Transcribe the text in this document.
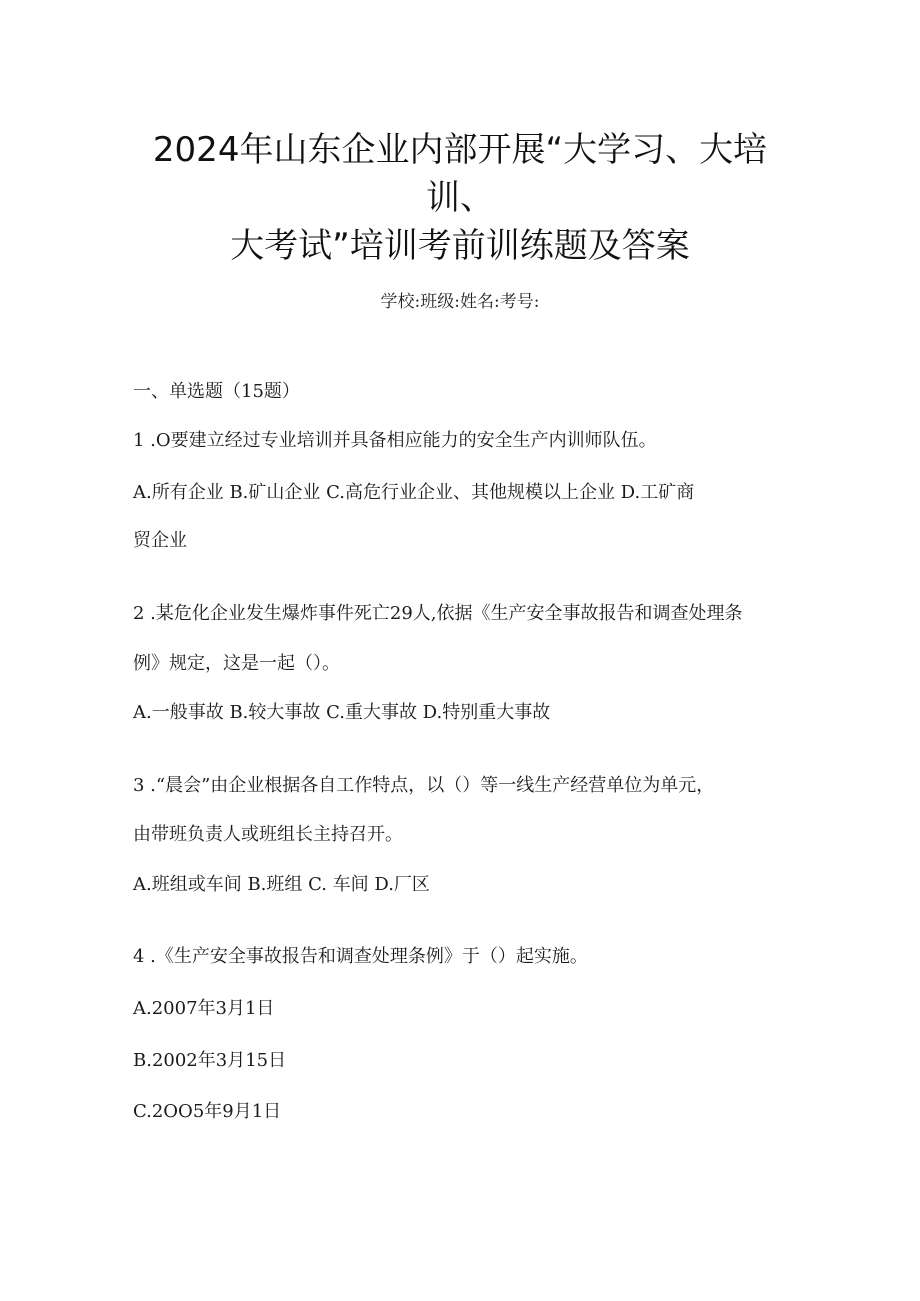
2024年山东企业内部开展“大学习、大培
训、
大考试”培训考前训练题及答案
学校:班级:姓名:考号:
一、单选题（15题）
1 .O要建立经过专业培训并具备相应能力的安全生产内训师队伍。
A.所有企业 B.矿山企业 C.高危行业企业、其他规模以上企业 D.工矿商
贸企业
2 .某危化企业发生爆炸事件死亡29人,依据《生产安全事故报告和调查处理条
例》规定，这是一起（）。
A.一般事故 B.较大事故 C.重大事故 D.特别重大事故
3 .“晨会”由企业根据各自工作特点，以（）等一线生产经营单位为单元，
由带班负责人或班组长主持召开。
A.班组或车间 B.班组 C. 车间 D.厂区
4 .《生产安全事故报告和调查处理条例》于（）起实施。
A.2007年3月1日
B.2002年3月15日
C.2OO5年9月1日
